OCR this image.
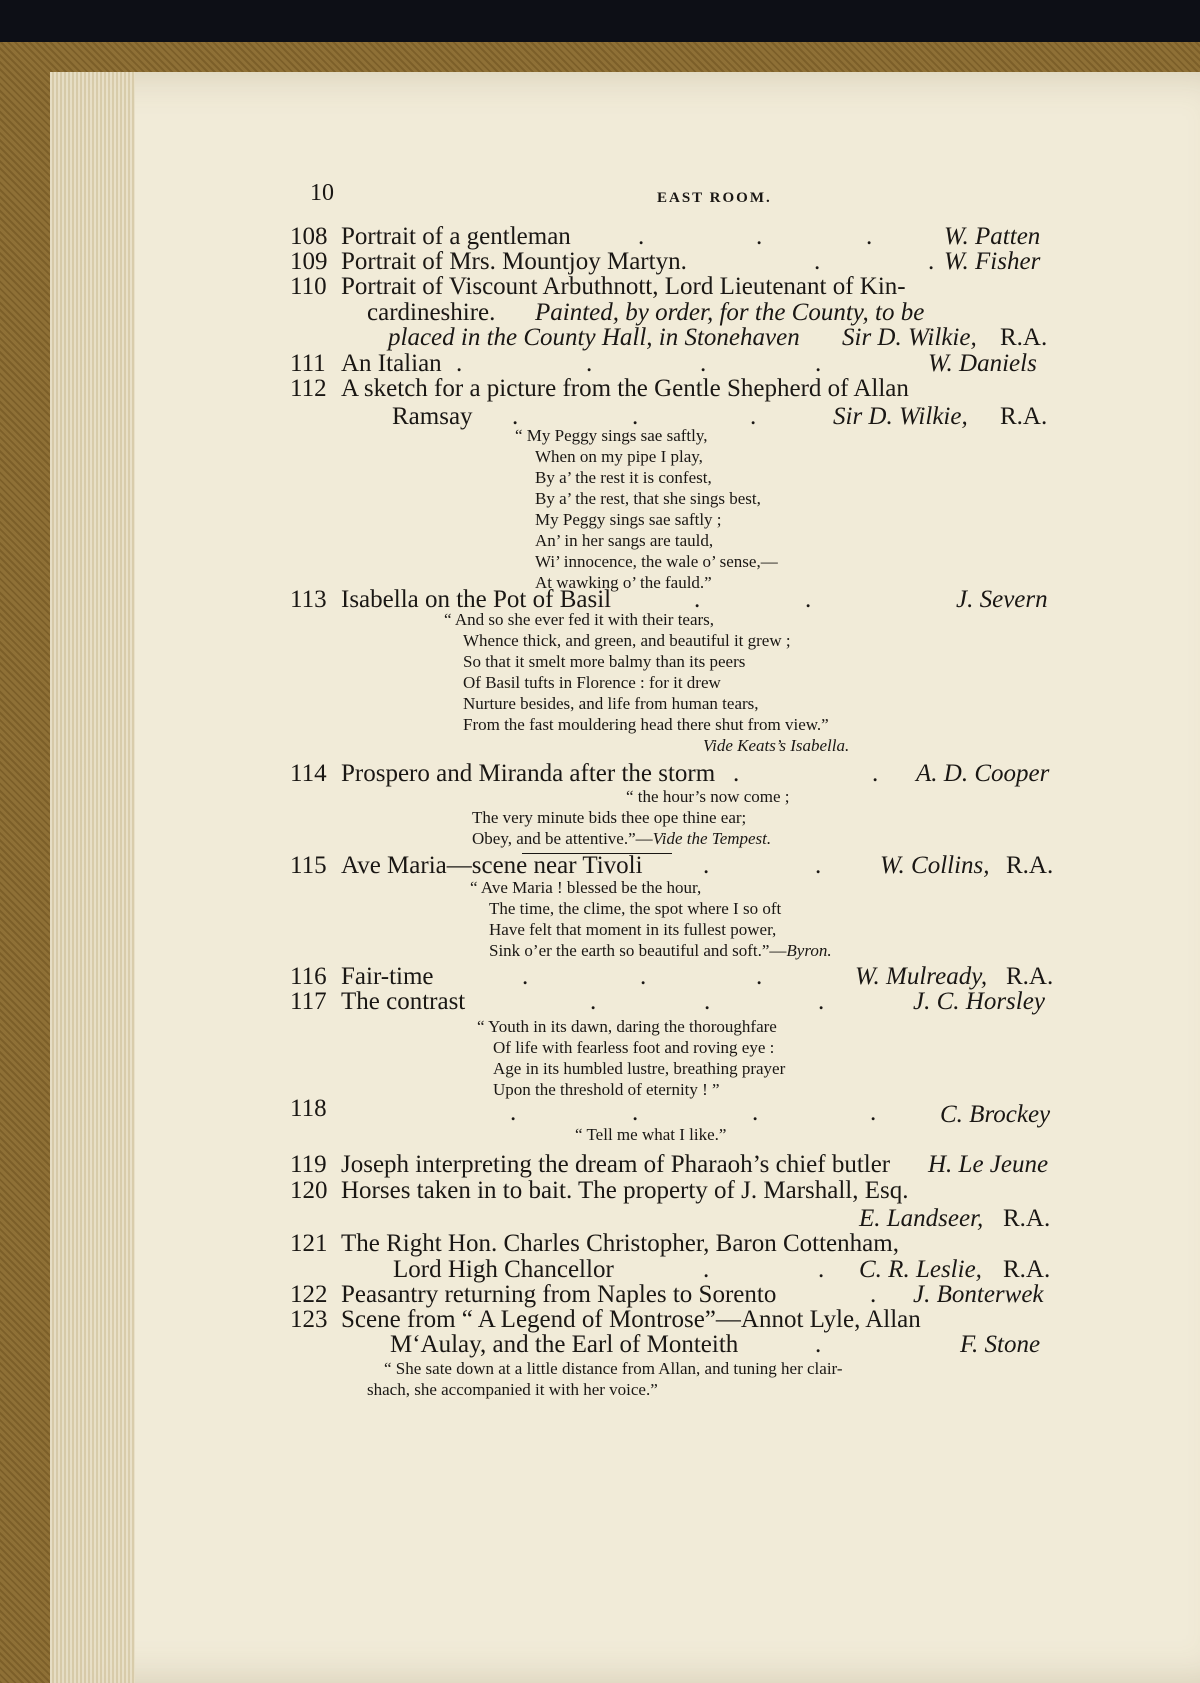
10	EAST ROOM.
108 Portrait of a gentleman	.	.	.	W. Patten
109 Portrait of Mrs. Mountjoy Martyn.	.	. W. Fisher
110 Portrait of Viscount Arbuthnott, Lord Lieutenant of Kin-
cardineshire. Painted, by order, for the County, to be
placed in the County Hall, in Stonehaven Sir D. Wilkie, R.A.
111 An Italian .	.	.	.	W. Daniels
112 A sketch for a picture from the Gentle Shepherd of Allan
Ramsay .	.	.	Sir D. Wilkie, R.A.
“ My Peggy sings sae saftly,
When on my pipe I play,
By a’ the rest it is confest,
By a’ the rest, that she sings best,
My Peggy sings sae saftly ;
An’ in her sangs are tauld,
Wi’ innocence, the wale o’ sense,—
At wawking o’ the fauld.”
113 Isabella on the Pot of Basil	.	.	J. Severn
“ And so she ever fed it with their tears,
Whence thick, and green, and beautiful it grew ;
So that it smelt more balmy than its peers
Of Basil tufts in Florence : for it drew
Nurture besides, and life from human tears,
From the fast mouldering head there shut from view.”
Vide Keats’s Isabella.
114 Prospero and Miranda after the storm .	. A. D. Cooper
“ the hour’s now come ;
The very minute bids thee ope thine ear;
Obey, and be attentive.”—Vide the Tempest.
115 Ave Maria—scene near Tivoli .	. W. Collins, R.A.
“ Ave Maria ! blessed be the hour,
The time, the clime, the spot where I so oft
Have felt that moment in its fullest power,
Sink o’er the earth so beautiful and soft.”—Byron.
116 Fair-time	.	.	.	W. Mulready, R.A.
117 The contrast	.	.	.	J. C. Horsley
“ Youth in its dawn, daring the thoroughfare
Of life with fearless foot and roving eye :
Age in its humbled lustre, breathing prayer
Upon the threshold of eternity ! ”
118	.	.	.	.	C. Brockey
“ Tell me what I like.”
119 Joseph interpreting the dream of Pharaoh’s chief butler H. Le Jeune
120 Horses taken in to bait. The property of J. Marshall, Esq.
E. Landseer, R.A.
121 The Right Hon. Charles Christopher, Baron Cottenham,
Lord High Chancellor	.	. C. R. Leslie, R.A.
122 Peasantry returning from Naples to Sorento	. J. Bonterwek
123 Scene from “ A Legend of Montrose”—Annot Lyle, Allan
M‘Aulay, and the Earl of Monteith	.	F. Stone
“ She sate down at a little distance from Allan, and tuning her clair-
shach, she accompanied it with her voice.”
